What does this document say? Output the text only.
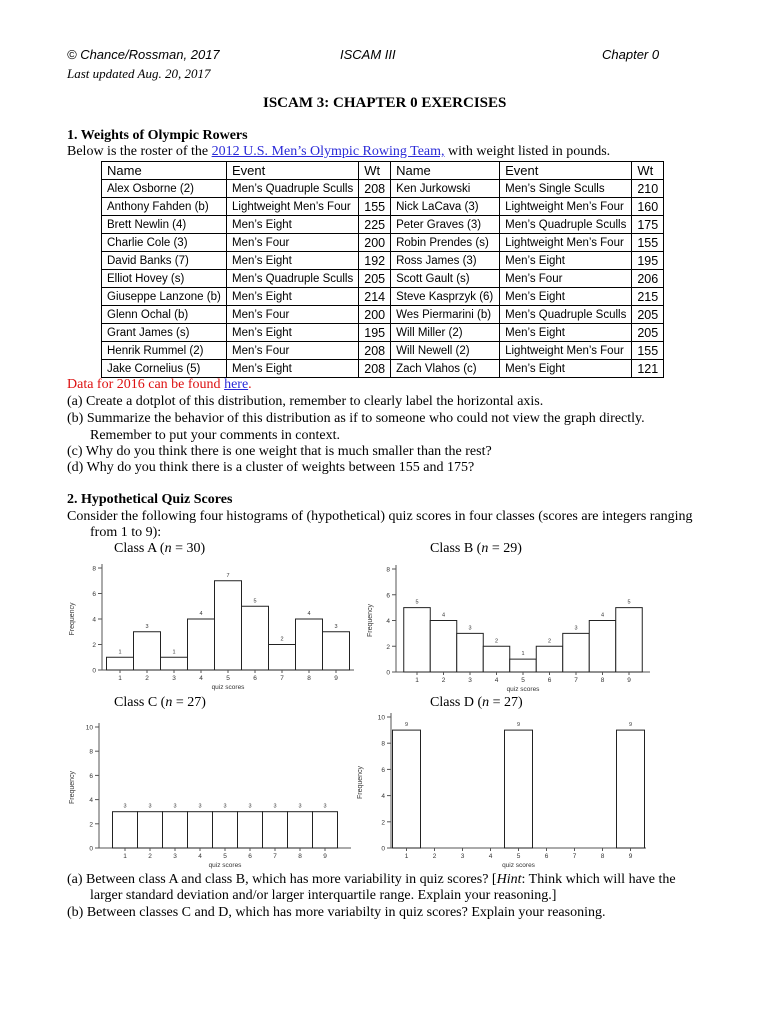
© Chance/Rossman, 2017	ISCAM III	Chapter 0
Last updated Aug. 20, 2017
ISCAM 3: CHAPTER 0 EXERCISES
1. Weights of Olympic Rowers
Below is the roster of the 2012 U.S. Men’s Olympic Rowing Team, with weight listed in pounds.
Name	Event	Wt	Name	Event	Wt
Alex Osborne (2)	Men’s Quadruple Sculls	208	Ken Jurkowski	Men’s Single Sculls	210
Anthony Fahden (b)	Lightweight Men’s Four	155	Nick LaCava (3)	Lightweight Men’s Four	160
Brett Newlin (4)	Men’s Eight	225	Peter Graves (3)	Men’s Quadruple Sculls	175
Charlie Cole (3)	Men’s Four	200	Robin Prendes (s)	Lightweight Men’s Four	155
David Banks (7)	Men’s Eight	192	Ross James (3)	Men’s Eight	195
Elliot Hovey (s)	Men’s Quadruple Sculls	205	Scott Gault (s)	Men’s Four	206
Giuseppe Lanzone (b)	Men’s Eight	214	Steve Kasprzyk (6)	Men’s Eight	215
Glenn Ochal (b)	Men’s Four	200	Wes Piermarini (b)	Men’s Quadruple Sculls	205
Grant James (s)	Men’s Eight	195	Will Miller (2)	Men’s Eight	205
Henrik Rummel (2)	Men’s Four	208	Will Newell (2)	Lightweight Men’s Four	155
Jake Cornelius (5)	Men’s Eight	208	Zach Vlahos (c)	Men’s Eight	121
Data for 2016 can be found here.
(a) Create a dotplot of this distribution, remember to clearly label the horizontal axis.
(b) Summarize the behavior of this distribution as if to someone who could not view the graph directly.
Remember to put your comments in context.
(c) Why do you think there is one weight that is much smaller than the rest?
(d) Why do you think there is a cluster of weights between 155 and 175?
2. Hypothetical Quiz Scores
Consider the following four histograms of (hypothetical) quiz scores in four classes (scores are integers ranging
from 1 to 9):
Class A (n = 30)	Class B (n = 29)
Class C (n = 27)	Class D (n = 27)
0
2
4
6
8
Frequency
1
1
3
2
1
3
4
4
7
5
5
6
2
7
4
8
3
9
quiz scores
0
2
4
6
8
Frequency
5
1
4
2
3
3
2
4
1
5
2
6
3
7
4
8
5
9
quiz scores
0
2
4
6
8
10
Frequency
3
1
3
2
3
3
3
4
3
5
3
6
3
7
3
8
3
9
quiz scores
0
2
4
6
8
10
Frequency
9
1	2	3	4
9
5	6	7	8
9
9
quiz scores
(a) Between class A and class B, which has more variability in quiz scores? [Hint: Think which will have the
larger standard deviation and/or larger interquartile range. Explain your reasoning.]
(b) Between classes C and D, which has more variabilty in quiz scores? Explain your reasoning.
